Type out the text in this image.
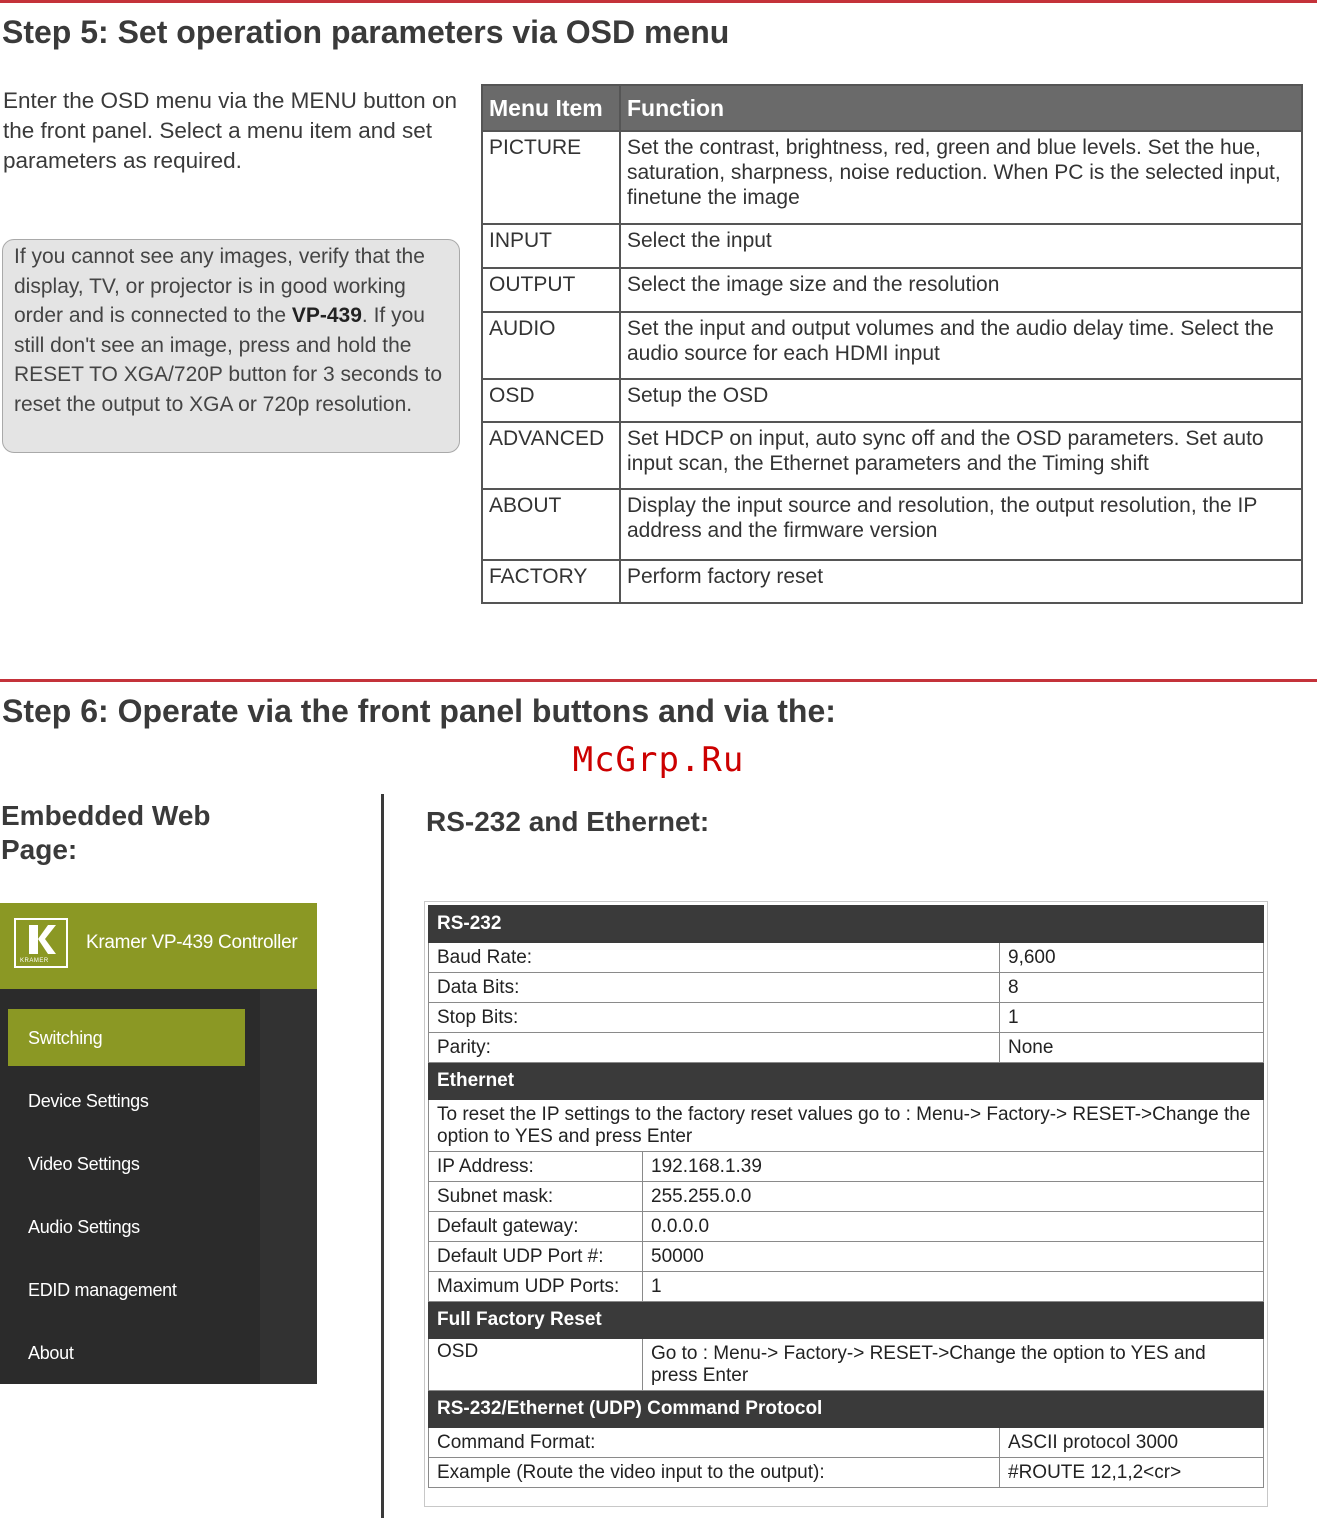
Step 5: Set operation parameters via OSD menu

Enter the OSD menu via the MENU button on the front panel. Select a menu item and set parameters as required.

If you cannot see any images, verify that the display, TV, or projector is in good working order and is connected to the VP-439. If you still don't see an image, press and hold the RESET TO XGA/720P button for 3 seconds to reset the output to XGA or 720p resolution.
Menu Item	Function
PICTURE	Set the contrast, brightness, red, green and blue levels. Set the hue, saturation, sharpness, noise reduction. When PC is the selected input, finetune the image
INPUT	Select the input
OUTPUT	Select the image size and the resolution
AUDIO	Set the input and output volumes and the audio delay time. Select the audio source for each HDMI input
OSD	Setup the OSD
ADVANCED	Set HDCP on input, auto sync off and the OSD parameters. Set auto input scan, the Ethernet parameters and the Timing shift
ABOUT	Display the input source and resolution, the output resolution, the IP address and the firmware version
FACTORY	Perform factory reset
Step 6: Operate via the front panel buttons and via the:

McGrp.Ru

Embedded Web Page:
RS-232 and Ethernet:
KRAMER
Kramer VP-439 Controller
Switching
Device Settings
Video Settings
Audio Settings
EDID management
About
RS-232		
Baud Rate:		9,600
Data Bits:		8
Stop Bits:		1
Parity:		None
Ethernet		
To reset the IP settings to the factory reset values go to : Menu-> Factory-> RESET->Change the option to YES and press Enter		
IP Address:	192.168.1.39	
Subnet mask:	255.255.0.0	
Default gateway:	0.0.0.0	
Default UDP Port #:	50000	
Maximum UDP Ports:	1	
Full Factory Reset		
OSD	Go to : Menu-> Factory-> RESET->Change the option to YES and press Enter	
RS-232/Ethernet (UDP) Command Protocol		
Command Format:		ASCII protocol 3000
Example (Route the video input to the output):		#ROUTE 12,1,2<cr>
